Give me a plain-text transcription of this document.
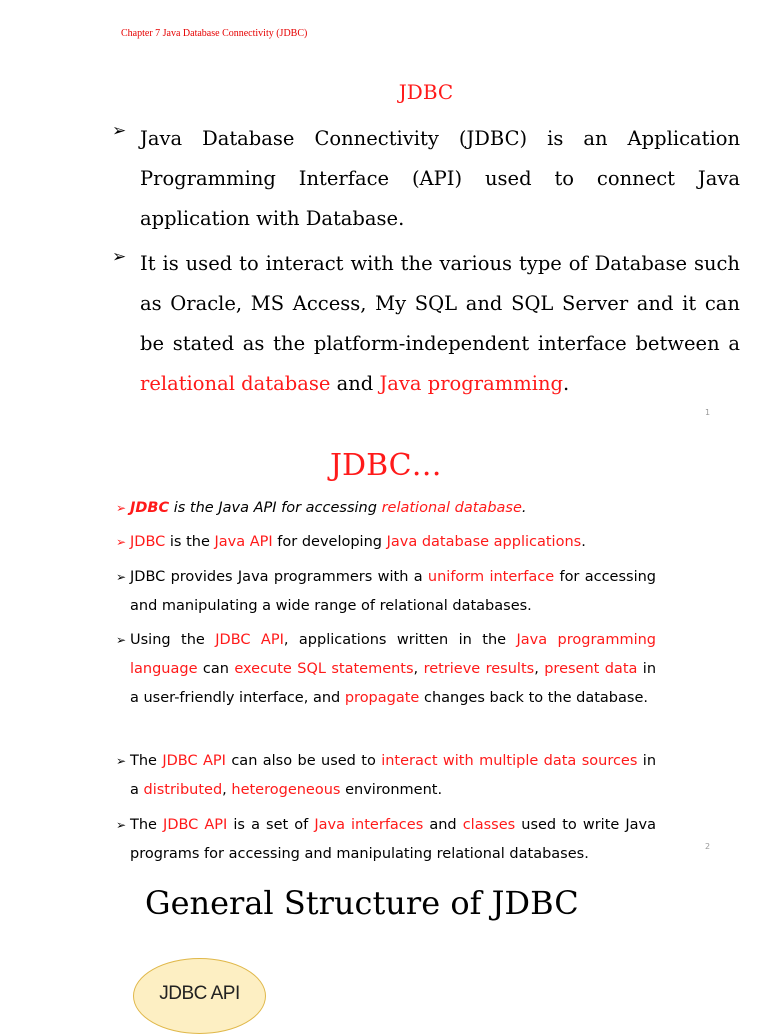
Chapter 7 Java Database Connectivity (JDBC)
JDBC
➢ Java Database Connectivity (JDBC) is an Application Programming Interface (API) used to connect Java application with Database.
➢ It is used to interact with the various type of Database such as Oracle, MS Access, My SQL and SQL Server and it can be stated as the platform-independent interface between a relational database and Java programming.
1
JDBC…
➢ JDBC is the Java API for accessing relational database.
➢ JDBC is the Java API for developing Java database applications.
➢ JDBC provides Java programmers with a uniform interface for accessing and manipulating a wide range of relational databases.
➢ Using the JDBC API, applications written in the Java programming language can execute SQL statements, retrieve results, present data in a user-friendly interface, and propagate changes back to the database.
➢ The JDBC API can also be used to interact with multiple data sources in a distributed, heterogeneous environment.
➢ The JDBC API is a set of Java interfaces and classes used to write Java programs for accessing and manipulating relational databases.	2
General Structure of JDBC
JDBC API
